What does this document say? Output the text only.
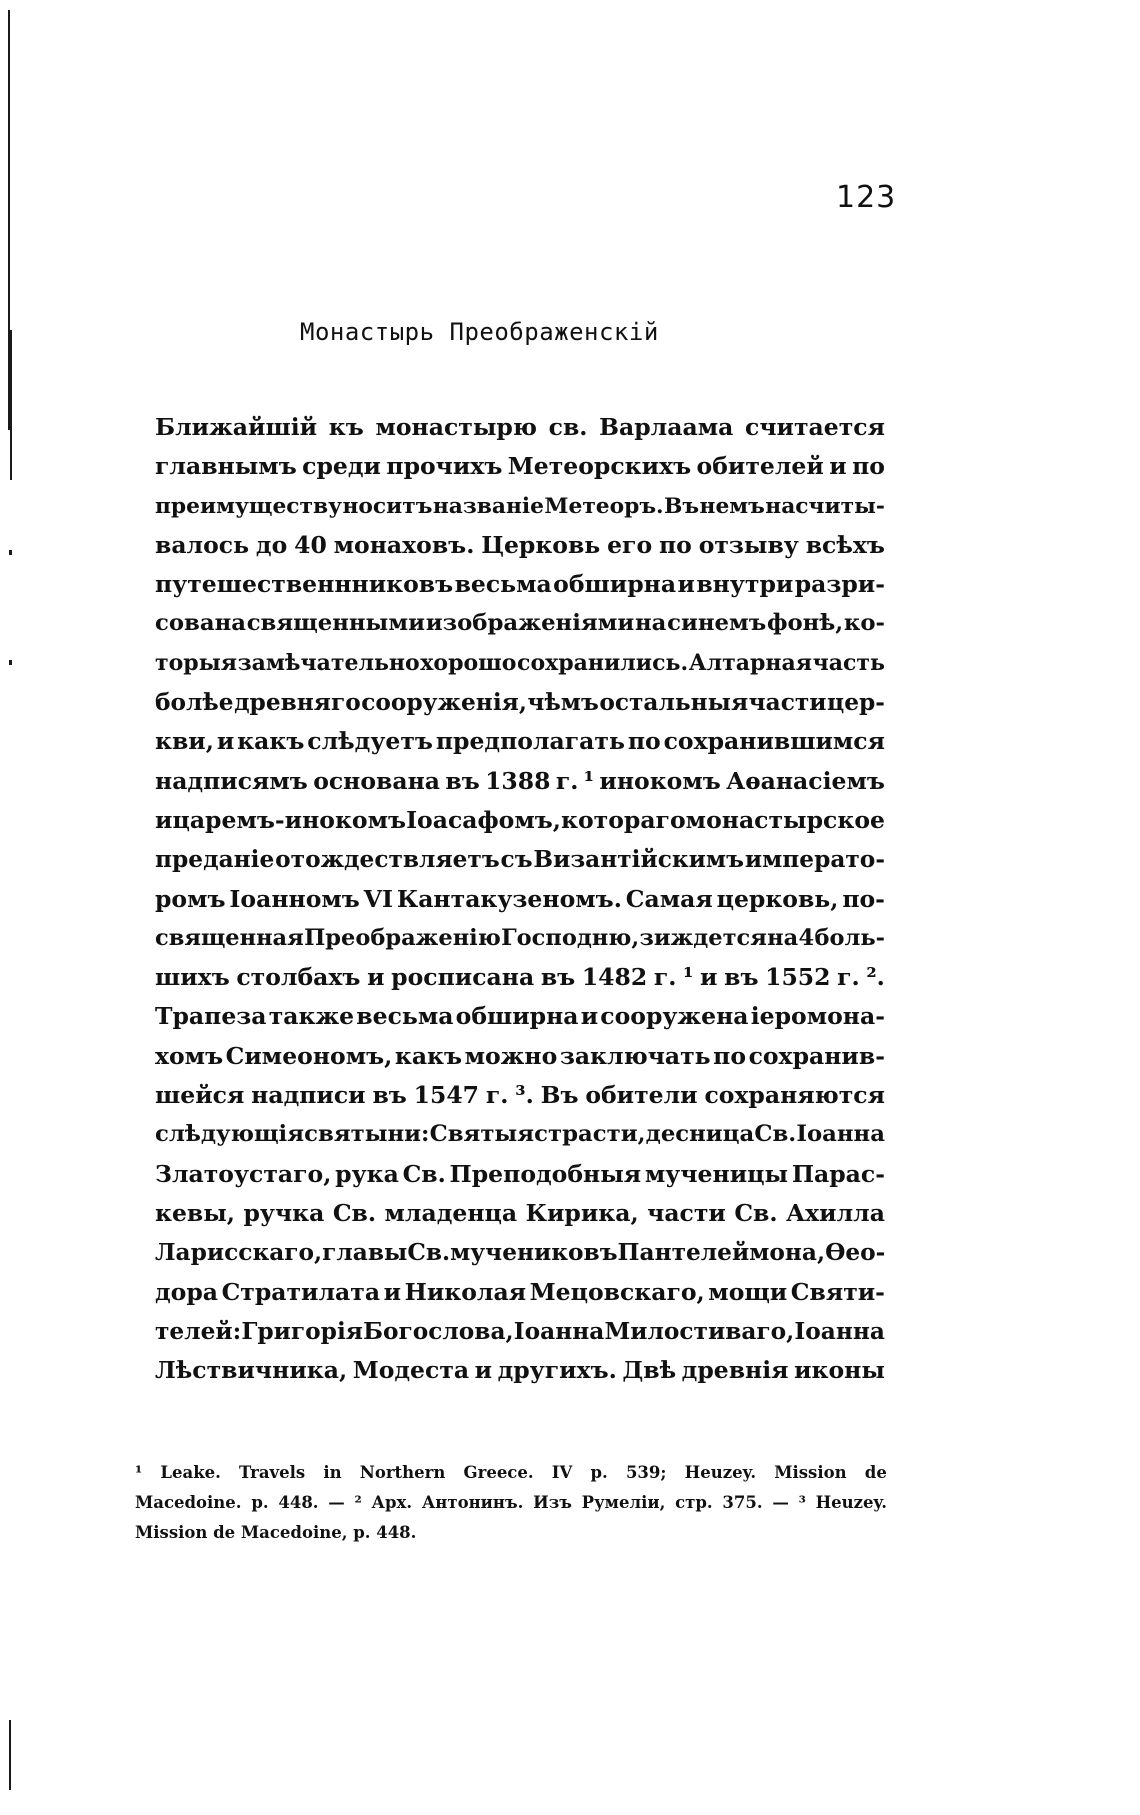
123
Монастырь Преображенскій
Ближайшій къ монастырю св. Варлаама считается
главнымъ среди прочихъ Метеорскихъ обителей и по
преимуществу носитъ названіе Метеоръ. Въ немъ насчиты-
валось до 40 монаховъ. Церковь его по отзыву всѣхъ
путешественнниковъ весьма обширна и внутри разри-
сована священными изображеніями на синемъ фонѣ, ко-
торыя замѣчательно хорошо сохранились. Алтарная часть
болѣе древняго сооруженія, чѣмъ остальныя части цер-
кви, и какъ слѣдуетъ предполагать по сохранившимся
надписямъ основана въ 1388 г. ¹ инокомъ Аѳанасіемъ
и царемъ-инокомъ Іоасафомъ, котораго монастырское
преданіе отождествляетъ съ Византійскимъ императо-
ромъ Іоанномъ VI Кантакузеномъ. Самая церковь, по-
священная Преображенію Господню, зиждется на 4 боль-
шихъ столбахъ и росписана въ 1482 г. ¹ и въ 1552 г. ².
Трапеза также весьма обширна и сооружена іеромона-
хомъ Симеономъ, какъ можно заключать по сохранив-
шейся надписи въ 1547 г. ³. Въ обители сохраняются
слѣдующія святыни: Святыя страсти, десница Св. Іоанна
Златоустаго, рука Св. Преподобныя мученицы Парас-
кевы, ручка Св. младенца Кирика, части Св. Ахилла
Ларисскаго, главы Св. мучениковъ Пантелеймона, Ѳео-
дора Стратилата и Николая Мецовскаго, мощи Святи-
телей: Григорія Богослова, Іоанна Милостиваго, Іоанна
Лѣствичника, Модеста и другихъ. Двѣ древнія иконы
¹ Leake. Travels in Northern Greece. IV p. 539; Heuzey. Mission de
Macedoine. p. 448. — ² Арх. Антонинъ. Изъ Румеліи, стр. 375. — ³ Heuzey.
Mission de Macedoine, p. 448.
